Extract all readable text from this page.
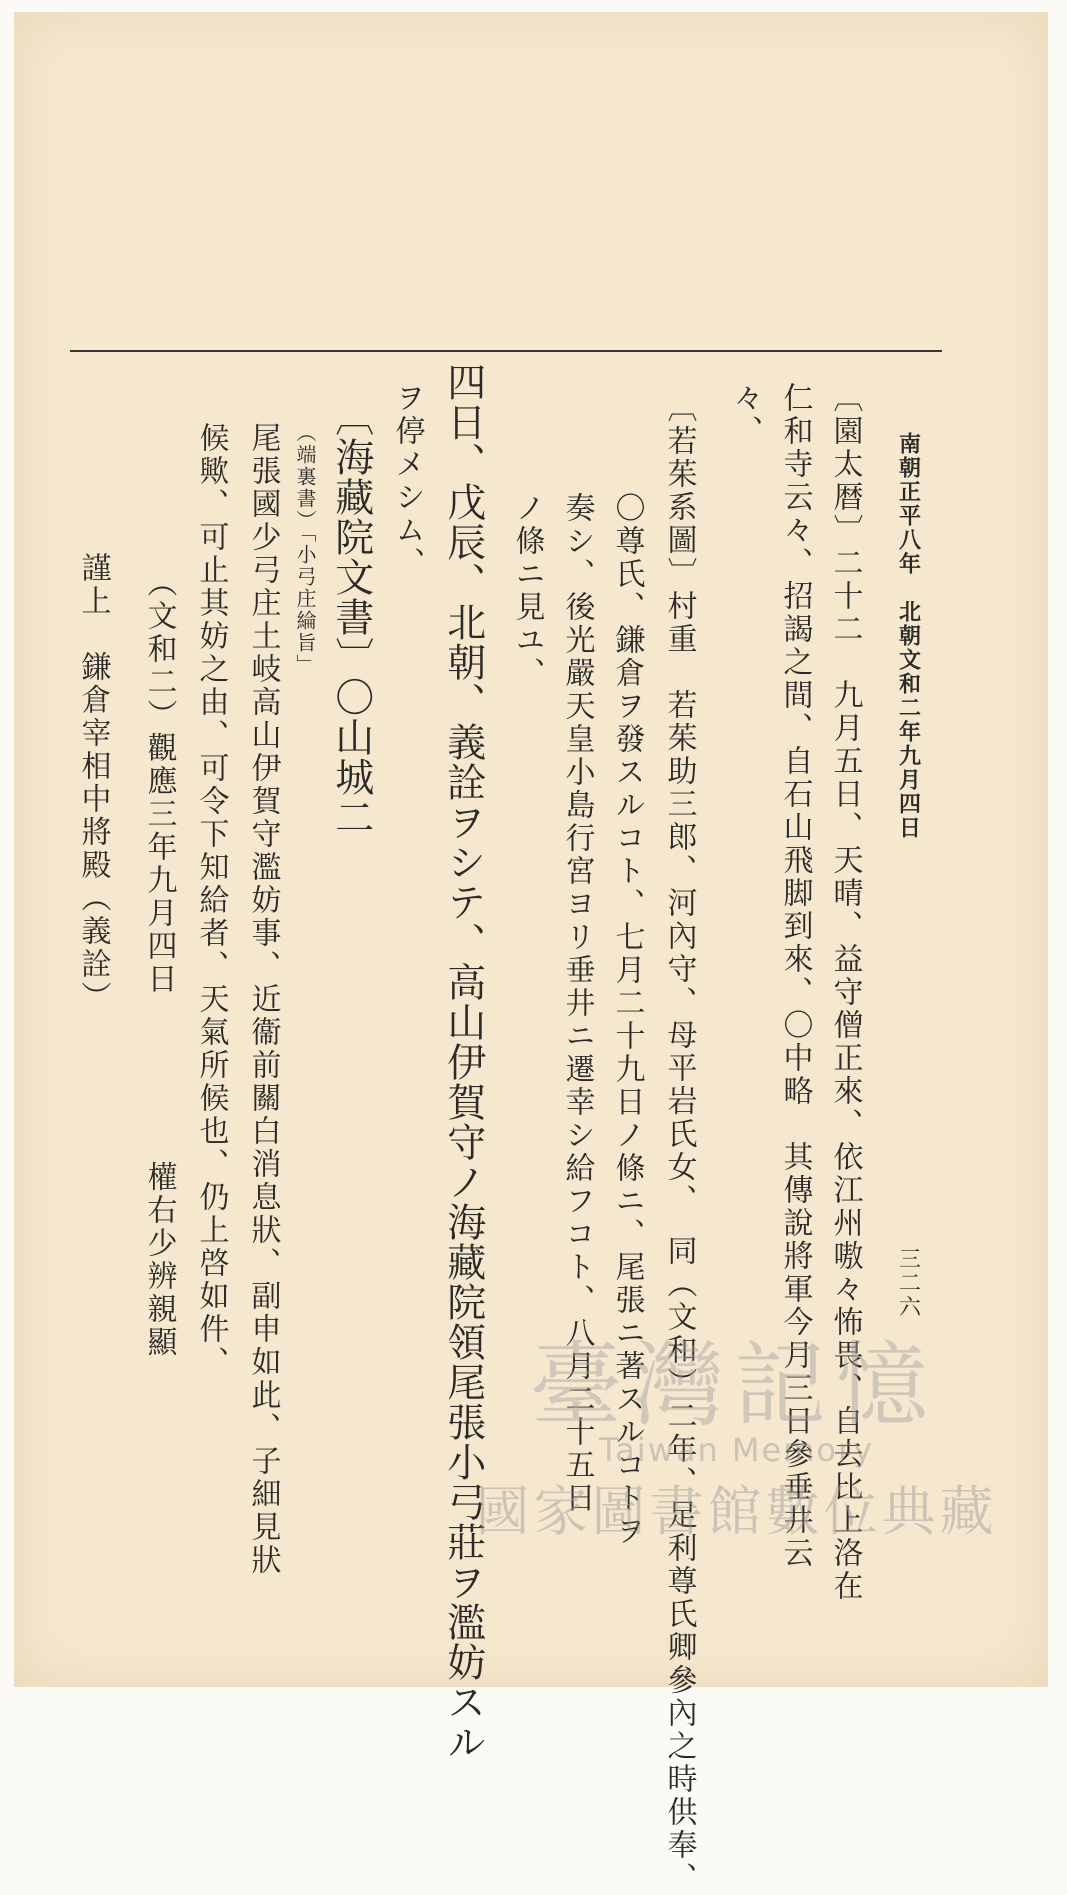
南朝正平八年　北朝文和二年九月四日
三二六
〔園太暦〕二十二　九月五日、天晴、益守僧正來、依江州嗷々怖畏、自去比上洛在
仁和寺云々、招謁之間、自石山飛脚到來、〇中略　其傳說將軍今月三日參垂井云
々、
〔若茱系圖〕村重　若茱助三郎、河內守、母平岩氏女、　同（文和）二年、足利尊氏卿參內之時供奉、
〇尊氏、鎌倉ヲ發スルコト、七月二十九日ノ條ニ、尾張ニ著スルコトヲ
奏シ、後光嚴天皇小島行宮ヨリ垂井ニ遷幸シ給フコト、八月二十五日
ノ條ニ見ユ、
四日、戊辰、北朝、義詮ヲシテ、高山伊賀守ノ海藏院領尾張小弓莊ヲ濫妨スル
ヲ停メシム、
〔海藏院文書〕〇山城二
（端裏書）「小弓庄綸旨」
尾張國少弓庄土岐高山伊賀守濫妨事、近衞前關白消息狀、副申如此、子細見狀
候歟、可止其妨之由、可令下知給者、天氣所候也、仍上啓如件、
（文和二）觀應三年九月四日　　　　　權右少辨親顯
謹上　鎌倉宰相中將殿（義詮）
臺灣記憶
Taiwan Memory
國家圖書館數位典藏
